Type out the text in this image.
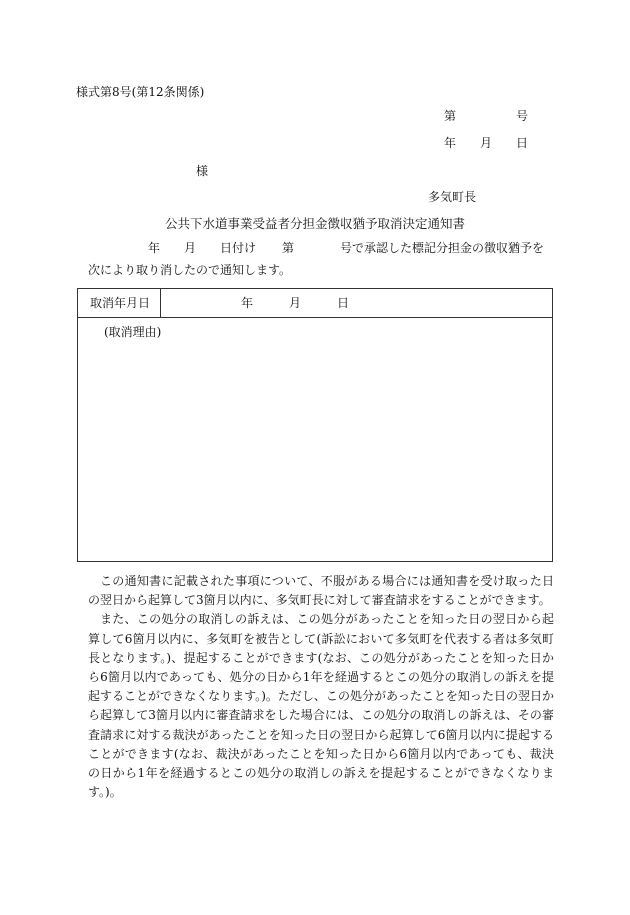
様式第8号(第12条関係)
第	号
年 月 日
様
多気町長
公共下水道事業受益者分担金徴収猶予取消決定通知書
年 月 日付け 第	号で承認した標記分担金の徴収猶予を
次により取り消したので通知します。
取消年月日	年	月	日
(取消理由)

この通知書に記載された事項について、不服がある場合には通知書を受け取った日の翌日から起算して3箇月以内に、多気町長に対して審査請求をすることができます。

また、この処分の取消しの訴えは、この処分があったことを知った日の翌日から起算して6箇月以内に、多気町を被告として(訴訟において多気町を代表する者は多気町長となります。)、提起することができます(なお、この処分があったことを知った日から6箇月以内であっても、処分の日から1年を経過するとこの処分の取消しの訴えを提起することができなくなります。)。ただし、この処分があったことを知った日の翌日から起算して3箇月以内に審査請求をした場合には、この処分の取消しの訴えは、その審査請求に対する裁決があったことを知った日の翌日から起算して6箇月以内に提起することができます(なお、裁決があったことを知った日から6箇月以内であっても、裁決の日から1年を経過するとこの処分の取消しの訴えを提起することができなくなります。)。
